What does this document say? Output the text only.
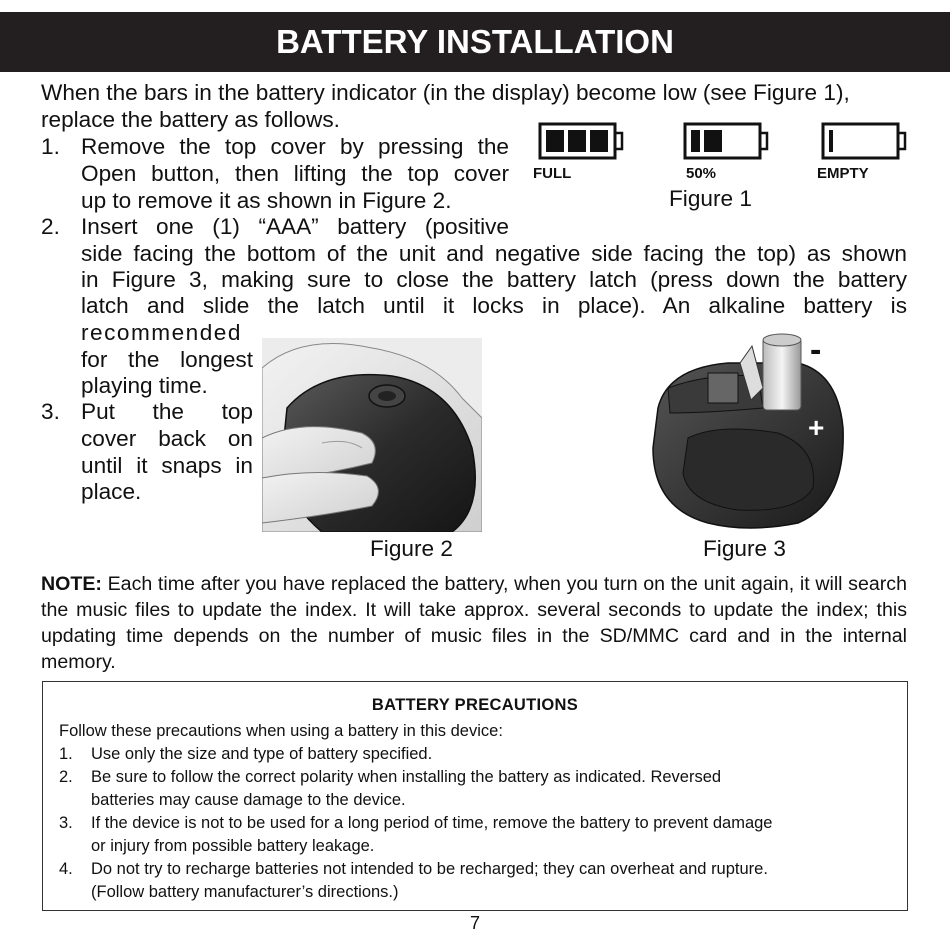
BATTERY INSTALLATION
When the bars in the battery indicator (in the display) become low (see Figure 1),
replace the battery as follows.
1. Remove the top cover by pressing the
Open button, then lifting the top cover
up to remove it as shown in Figure 2.
2. Insert one (1) “AAA” battery (positive
side facing the bottom of the unit and negative side facing the top) as shown
in Figure 3, making sure to close the battery latch (press down the battery
latch and slide the latch until it locks in place). An alkaline battery is
recommended
for the longest
playing time.
3. Put the top
cover back on
until it snaps in
place.
FULL	50%	EMPTY
Figure 1
Figure 2
-
+
Figure 3
NOTE: Each time after you have replaced the battery, when you turn on the unit again, it will search the music files to update the index. It will take approx. several seconds to update the index; this updating time depends on the number of music files in the SD/MMC card and in the internal memory.
BATTERY PRECAUTIONS
Follow these precautions when using a battery in this device:
1. Use only the size and type of battery specified.
2. Be sure to follow the correct polarity when installing the battery as indicated. Reversed
batteries may cause damage to the device.
3. If the device is not to be used for a long period of time, remove the battery to prevent damage
or injury from possible battery leakage.
4. Do not try to recharge batteries not intended to be recharged; they can overheat and rupture.
(Follow battery manufacturer’s directions.)
7
